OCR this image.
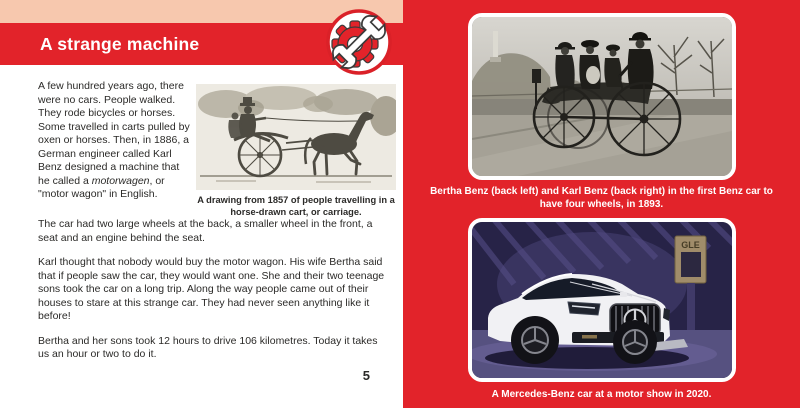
A strange machine

A few hundred years ago, there were no cars. People walked. They rode bicycles or horses. Some travelled in carts pulled by oxen or horses. Then, in 1886, a German engineer called Karl Benz designed a machine that he called a motorwagen, or "motor wagon" in English.	A drawing from 1857 of people travelling in a horse-drawn cart, or carriage.

The car had two large wheels at the back, a smaller wheel in the front, a seat and an engine behind the seat.

Karl thought that nobody would buy the motor wagon. His wife Bertha said that if people saw the car, they would want one. She and their two teenage sons took the car on a long trip. Along the way people came out of their houses to stare at this strange car. They had never seen anything like it before!

Bertha and her sons took 12 hours to drive 106 kilometres. Today it takes us an hour or two to do it.

5

Bertha Benz (back left) and Karl Benz (back right) in the first Benz car to have four wheels, in 1893.

GLE

A Mercedes-Benz car at a motor show in 2020.
